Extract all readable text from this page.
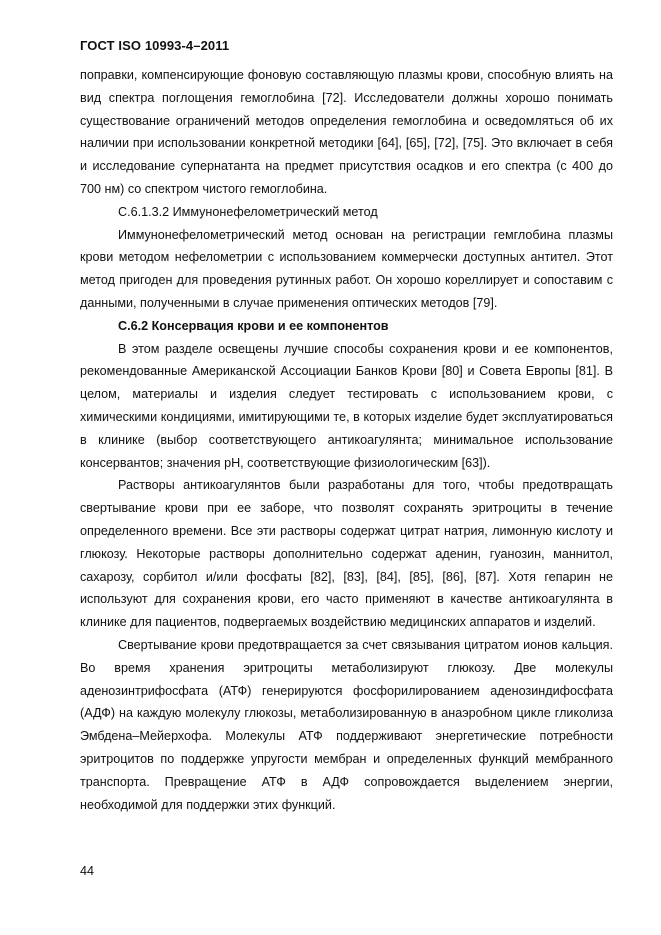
ГОСТ ISO 10993-4–2011

поправки, компенсирующие фоновую составляющую плазмы крови, способную влиять на вид спектра поглощения гемоглобина [72]. Исследователи должны хорошо понимать существование ограничений методов определения гемоглобина и осведомляться об их наличии при использовании конкретной методики [64], [65], [72], [75]. Это включает в себя и исследование супернатанта на предмет присутствия осадков и его спектра (с 400 до 700 нм) со спектром чистого гемоглобина.

С.6.1.3.2 Иммунонефелометрический метод

Иммунонефелометрический метод основан на регистрации гемглобина плазмы крови методом нефелометрии с использованием коммерчески доступных антител. Этот метод пригоден для проведения рутинных работ. Он хорошо кореллирует и сопоставим с данными, полученными в случае применения оптических методов [79].

С.6.2 Консервация крови и ее компонентов

В этом разделе освещены лучшие способы сохранения крови и ее компонентов, рекомендованные Американской Ассоциации Банков Крови [80] и Совета Европы [81]. В целом, материалы и изделия следует тестировать с использованием крови, с химическими кондициями, имитирующими те, в которых изделие будет эксплуатироваться в клинике (выбор соответствующего антикоагулянта; минимальное использование консервантов; значения pH, соответствующие физиологическим [63]).

Растворы антикоагулянтов были разработаны для того, чтобы предотвращать свертывание крови при ее заборе, что позволят сохранять эритроциты в течение определенного времени. Все эти растворы содержат цитрат натрия, лимонную кислоту и глюкозу. Некоторые растворы дополнительно содержат аденин, гуанозин, маннитол, сахарозу, сорбитол и/или фосфаты [82], [83], [84], [85], [86], [87]. Хотя гепарин не используют для сохранения крови, его часто применяют в качестве антикоагулянта в клинике для пациентов, подвергаемых воздействию медицинских аппаратов и изделий.

Свертывание крови предотвращается за счет связывания цитратом ионов кальция. Во время хранения эритроциты метаболизируют глюкозу. Две молекулы аденозинтрифосфата (АТФ) генерируются фосфорилированием аденозиндифосфата (АДФ) на каждую молекулу глюкозы, метаболизированную в анаэробном цикле гликолиза Эмбдена–Мейерхофа. Молекулы АТФ поддерживают энергетические потребности эритроцитов по поддержке упругости мембран и определенных функций мембранного транспорта. Превращение АТФ в АДФ сопровождается выделением энергии, необходимой для поддержки этих функций.

44
